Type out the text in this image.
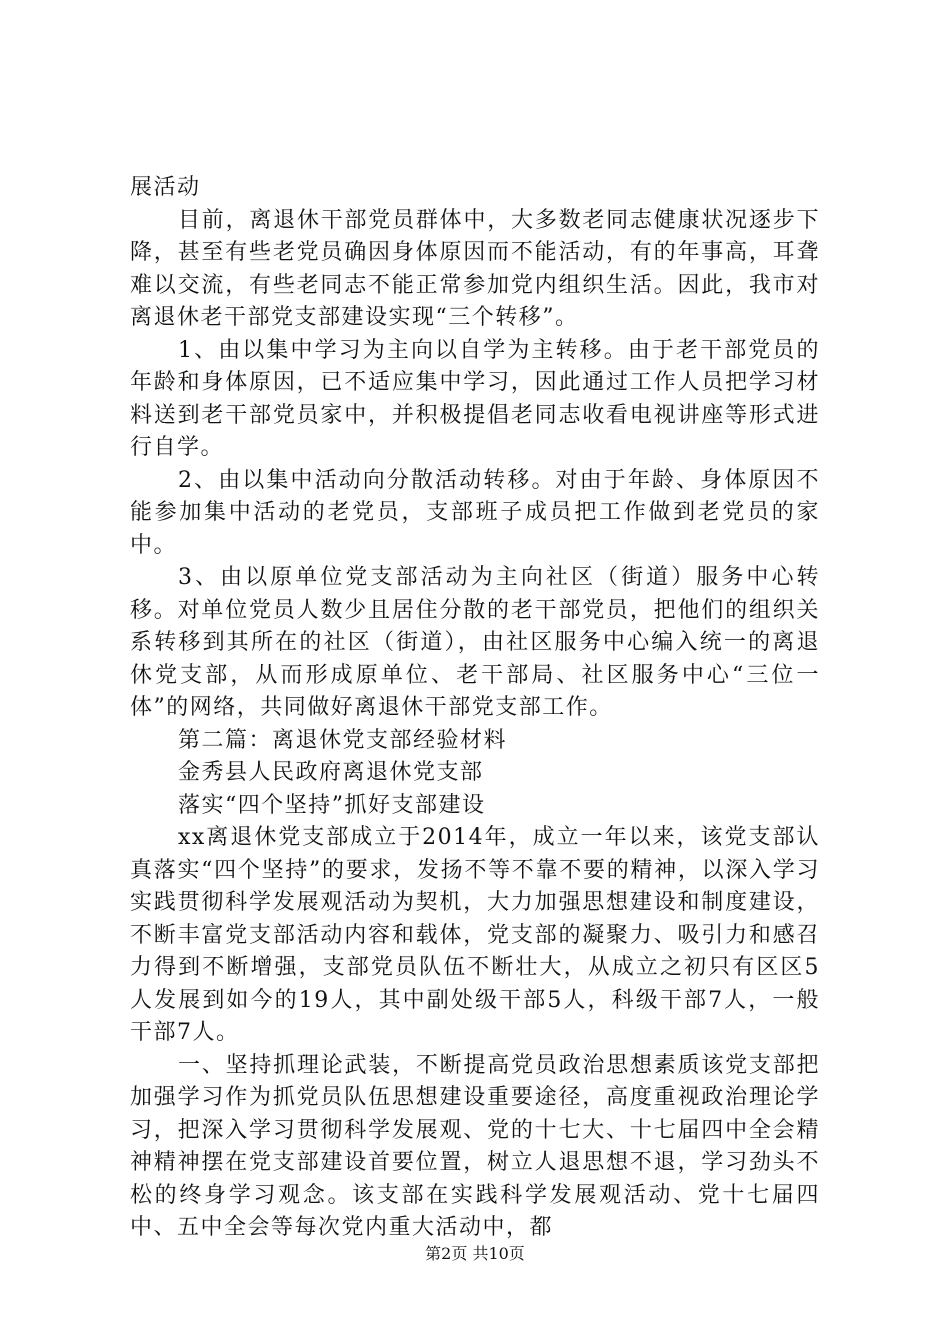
展活动

目前，离退休干部党员群体中，大多数老同志健康状况逐步下降，甚至有些老党员确因身体原因而不能活动，有的年事高，耳聋难以交流，有些老同志不能正常参加党内组织生活。因此，我市对离退休老干部党支部建设实现“三个转移”。

1、由以集中学习为主向以自学为主转移。由于老干部党员的年龄和身体原因，已不适应集中学习，因此通过工作人员把学习材料送到老干部党员家中，并积极提倡老同志收看电视讲座等形式进行自学。

2、由以集中活动向分散活动转移。对由于年龄、身体原因不能参加集中活动的老党员，支部班子成员把工作做到老党员的家中。

3、由以原单位党支部活动为主向社区（街道）服务中心转移。对单位党员人数少且居住分散的老干部党员，把他们的组织关系转移到其所在的社区（街道），由社区服务中心编入统一的离退休党支部，从而形成原单位、老干部局、社区服务中心“三位一体”的网络，共同做好离退休干部党支部工作。

第二篇：离退休党支部经验材料

金秀县人民政府离退休党支部

落实“四个坚持”抓好支部建设

xx离退休党支部成立于2014年，成立一年以来，该党支部认真落实“四个坚持”的要求，发扬不等不靠不要的精神，以深入学习实践贯彻科学发展观活动为契机，大力加强思想建设和制度建设，不断丰富党支部活动内容和载体，党支部的凝聚力、吸引力和感召力得到不断增强，支部党员队伍不断壮大，从成立之初只有区区5人发展到如今的19人，其中副处级干部5人，科级干部7人，一般干部7人。

一、坚持抓理论武装，不断提高党员政治思想素质该党支部把加强学习作为抓党员队伍思想建设重要途径，高度重视政治理论学习，把深入学习贯彻科学发展观、党的十七大、十七届四中全会精神精神摆在党支部建设首要位置，树立人退思想不退，学习劲头不松的终身学习观念。该支部在实践科学发展观活动、党十七届四中、五中全会等每次党内重大活动中，都

第2页 共10页
